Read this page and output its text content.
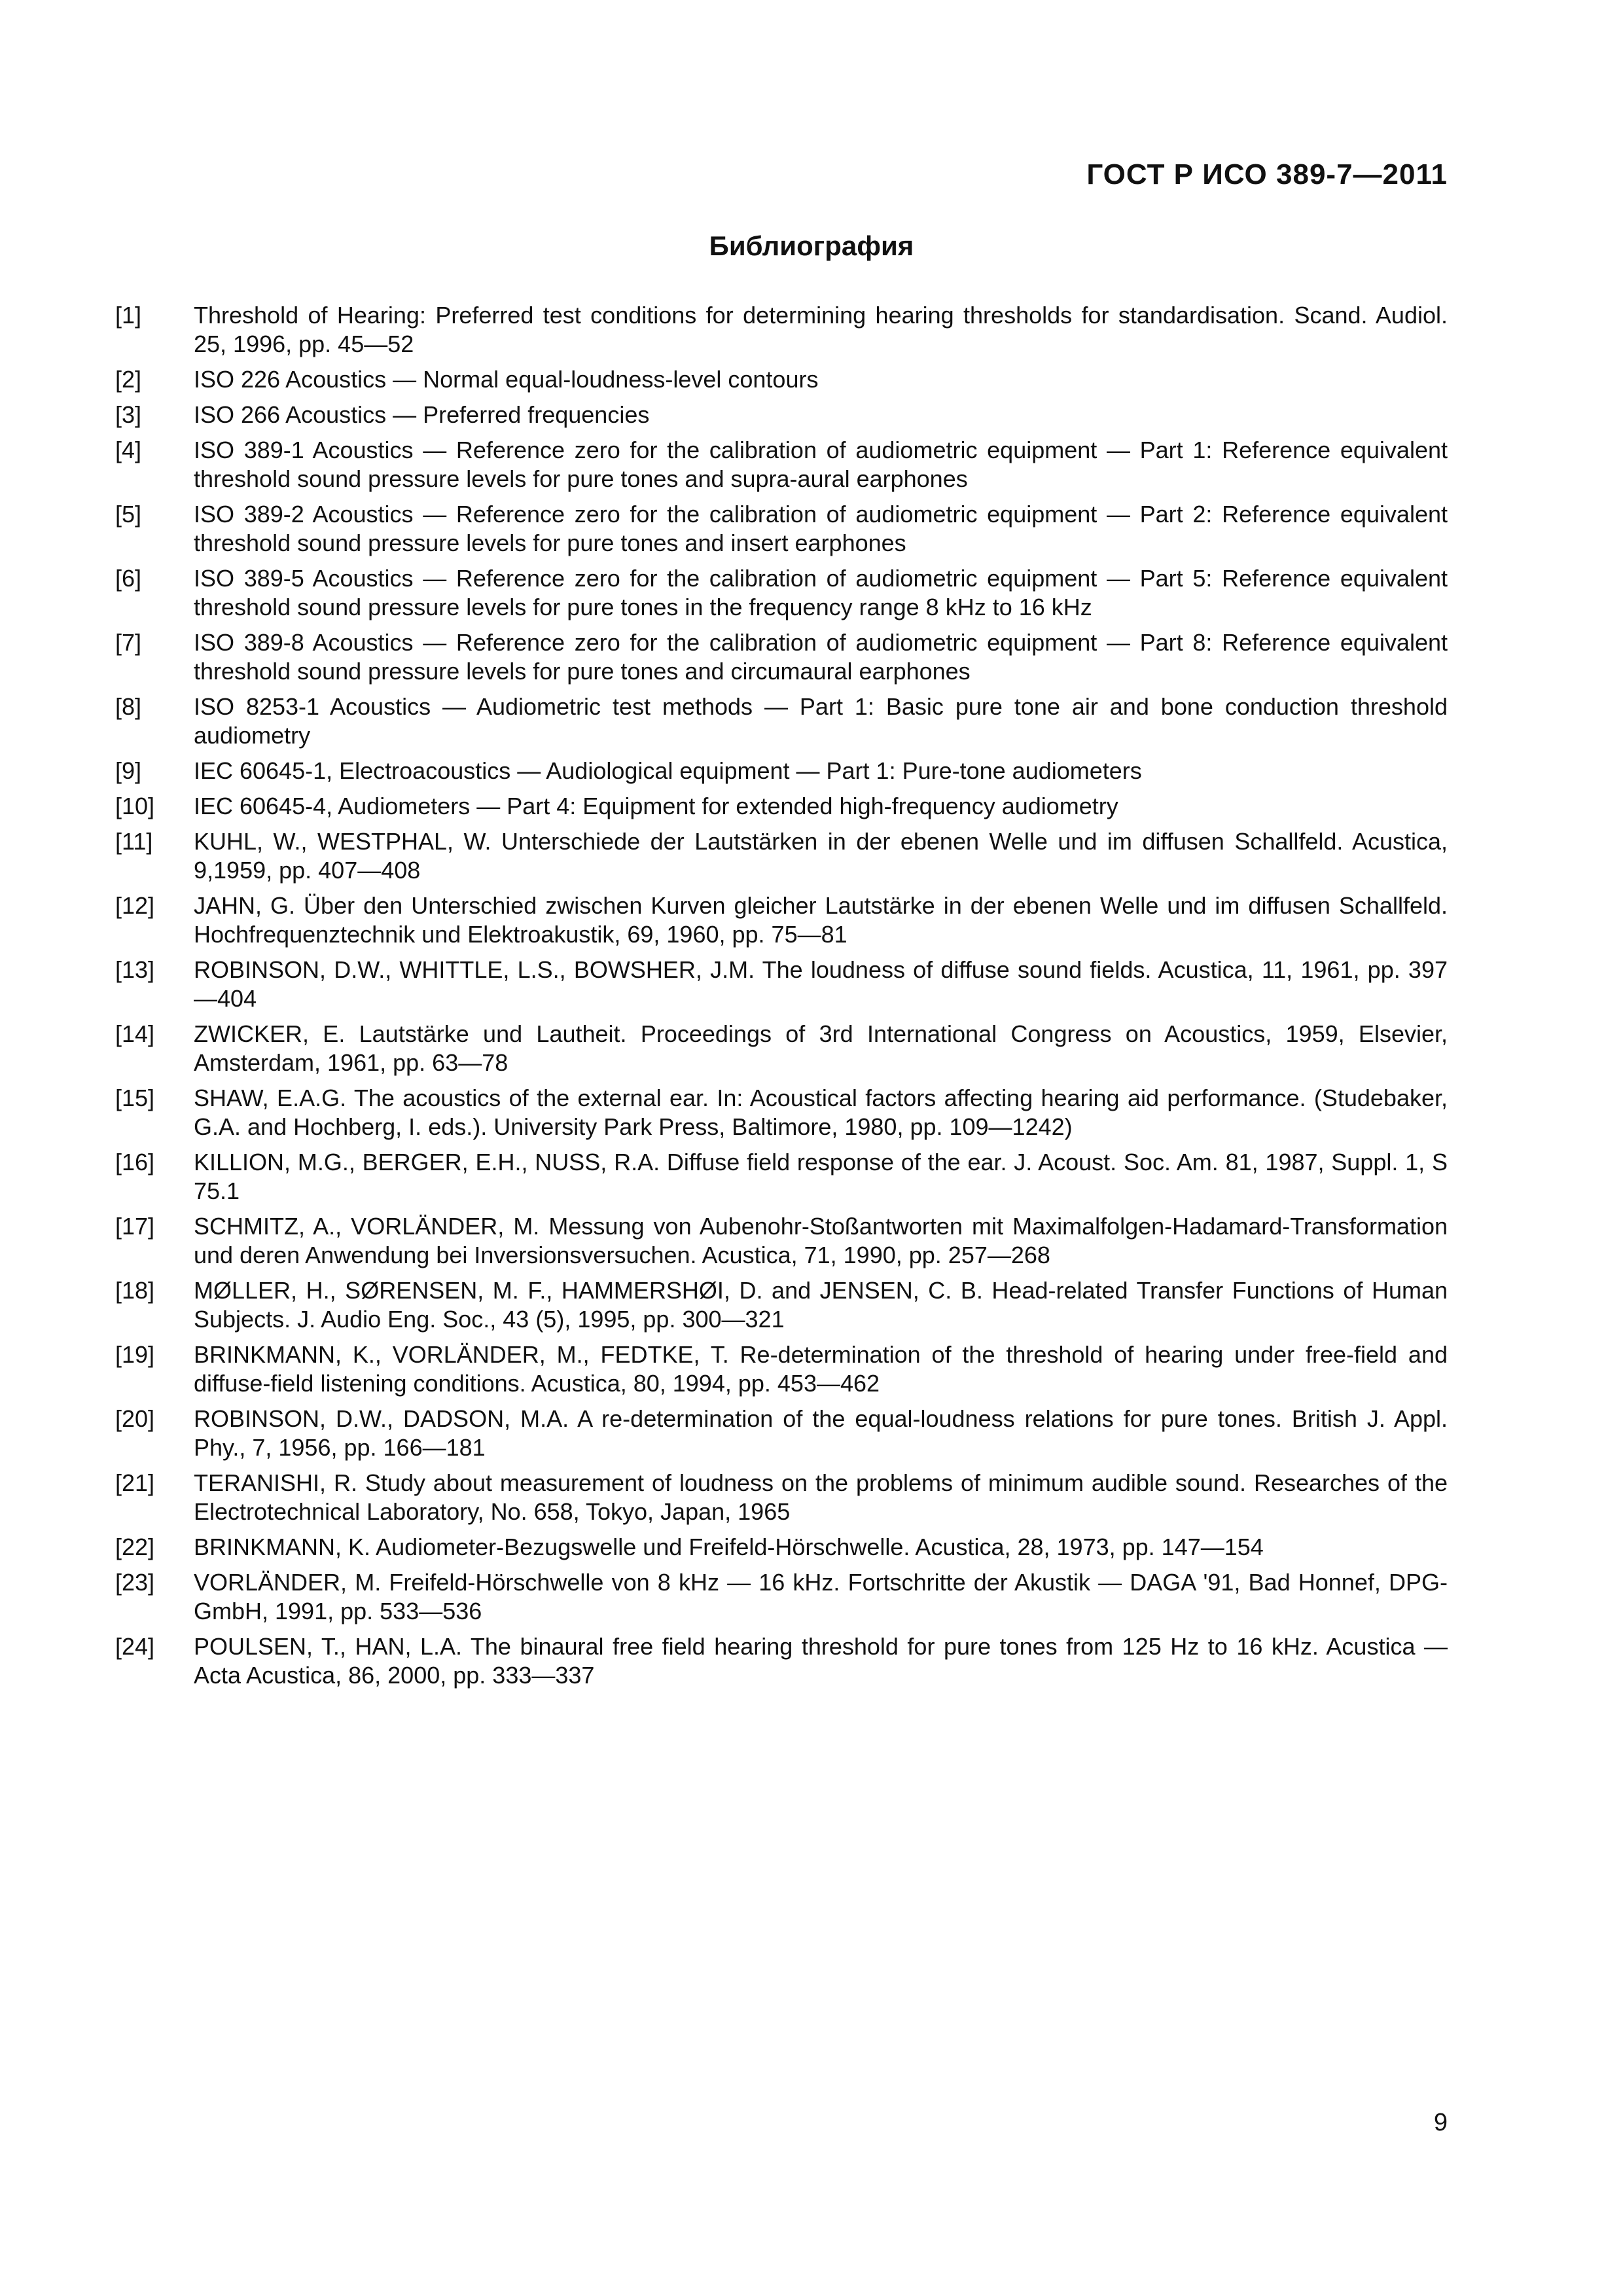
ГОСТ Р ИСО 389-7—2011
Библиография
[1]	Threshold of Hearing: Preferred test conditions for determining hearing thresholds for standardisation. Scand. Audiol. 25, 1996, pp. 45—52
[2]	ISO 226 Acoustics — Normal equal-loudness-level contours
[3]	ISO 266 Acoustics — Preferred frequencies
[4]	ISO 389-1 Acoustics — Reference zero for the calibration of audiometric equipment — Part 1: Reference equivalent threshold sound pressure levels for pure tones and supra-aural earphones
[5]	ISO 389-2 Acoustics — Reference zero for the calibration of audiometric equipment — Part 2: Reference equivalent threshold sound pressure levels for pure tones and insert earphones
[6]	ISO 389-5 Acoustics — Reference zero for the calibration of audiometric equipment — Part 5: Reference equivalent threshold sound pressure levels for pure tones in the frequency range 8 kHz to 16 kHz
[7]	ISO 389-8 Acoustics — Reference zero for the calibration of audiometric equipment — Part 8: Reference equivalent threshold sound pressure levels for pure tones and circumaural earphones
[8]	ISO 8253-1 Acoustics — Audiometric test methods — Part 1: Basic pure tone air and bone conduction threshold audiometry
[9]	IEC 60645-1, Electroacoustics — Audiological equipment — Part 1: Pure-tone audiometers
[10]	IEC 60645-4, Audiometers — Part 4: Equipment for extended high-frequency audiometry
[11]	KUHL, W., WESTPHAL, W. Unterschiede der Lautstärken in der ebenen Welle und im diffusen Schallfeld. Acustica, 9,1959, pp. 407—408
[12]	JAHN, G. Über den Unterschied zwischen Kurven gleicher Lautstärke in der ebenen Welle und im diffusen Schallfeld. Hochfrequenztechnik und Elektroakustik, 69, 1960, pp. 75—81
[13]	ROBINSON, D.W., WHITTLE, L.S., BOWSHER, J.M. The loudness of diffuse sound fields. Acustica, 11, 1961, pp. 397—404
[14]	ZWICKER, E. Lautstärke und Lautheit. Proceedings of 3rd International Congress on Acoustics, 1959, Elsevier, Amsterdam, 1961, pp. 63—78
[15]	SHAW, E.A.G. The acoustics of the external ear. In: Acoustical factors affecting hearing aid performance. (Studebaker, G.A. and Hochberg, I. eds.). University Park Press, Baltimore, 1980, pp. 109—1242)
[16]	KILLION, M.G., BERGER, E.H., NUSS, R.A. Diffuse field response of the ear. J. Acoust. Soc. Am. 81, 1987, Suppl. 1, S 75.1
[17]	SCHMITZ, A., VORLÄNDER, M. Messung von Aubenohr-Stoßantworten mit Maximalfolgen-Hadamard-Transformation und deren Anwendung bei Inversionsversuchen. Acustica, 71, 1990, pp. 257—268
[18]	MØLLER, H., SØRENSEN, M. F., HAMMERSHØI, D. and JENSEN, C. B. Head-related Transfer Functions of Human Subjects. J. Audio Eng. Soc., 43 (5), 1995, pp. 300—321
[19]	BRINKMANN, K., VORLÄNDER, M., FEDTKE, T. Re-determination of the threshold of hearing under free-field and diffuse-field listening conditions. Acustica, 80, 1994, pp. 453—462
[20]	ROBINSON, D.W., DADSON, M.A. A re-determination of the equal-loudness relations for pure tones. British J. Appl. Phy., 7, 1956, pp. 166—181
[21]	TERANISHI, R. Study about measurement of loudness on the problems of minimum audible sound. Researches of the Electrotechnical Laboratory, No. 658, Tokyo, Japan, 1965
[22]	BRINKMANN, K. Audiometer-Bezugswelle und Freifeld-Hörschwelle. Acustica, 28, 1973, pp. 147—154
[23]	VORLÄNDER, M. Freifeld-Hörschwelle von 8 kHz — 16 kHz. Fortschritte der Akustik — DAGA '91, Bad Honnef, DPG-GmbH, 1991, pp. 533—536
[24]	POULSEN, T., HAN, L.A. The binaural free field hearing threshold for pure tones from 125 Hz to 16 kHz. Acustica — Acta Acustica, 86, 2000, pp. 333—337
9
